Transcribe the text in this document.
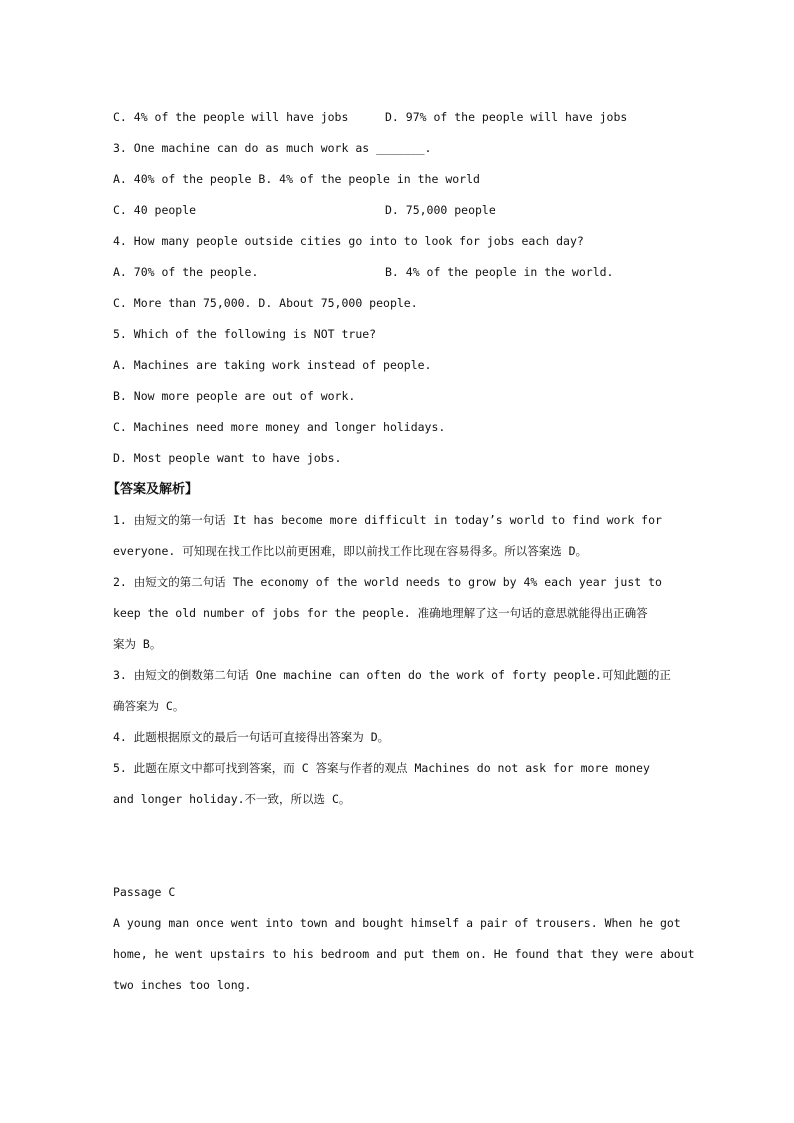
C. 4% of the people will have jobs	D. 97% of the people will have jobs
3. One machine can do as much work as _______.
A. 40% of the people B. 4% of the people in the world
C. 40 people	D. 75,000 people
4. How many people outside cities go into to look for jobs each day?
A. 70% of the people.	B. 4% of the people in the world.
C. More than 75,000. D. About 75,000 people.
5. Which of the following is NOT true?
A. Machines are taking work instead of people.
B. Now more people are out of work.
C. Machines need more money and longer holidays.
D. Most people want to have jobs.
【答案及解析】
1. 由短文的第一句话 It has become more difficult in today’s world to find work for
everyone. 可知现在找工作比以前更困难，即以前找工作比现在容易得多。所以答案选 D。
2. 由短文的第二句话 The economy of the world needs to grow by 4% each year just to
keep the old number of jobs for the people. 准确地理解了这一句话的意思就能得出正确答
案为 B。
3. 由短文的倒数第二句话 One machine can often do the work of forty people.可知此题的正
确答案为 C。
4. 此题根据原文的最后一句话可直接得出答案为 D。
5. 此题在原文中都可找到答案，而 C 答案与作者的观点 Machines do not ask for more money
and longer holiday.不一致，所以选 C。
Passage C
A young man once went into town and bought himself a pair of trousers. When he got
home, he went upstairs to his bedroom and put them on. He found that they were about
two inches too long.
